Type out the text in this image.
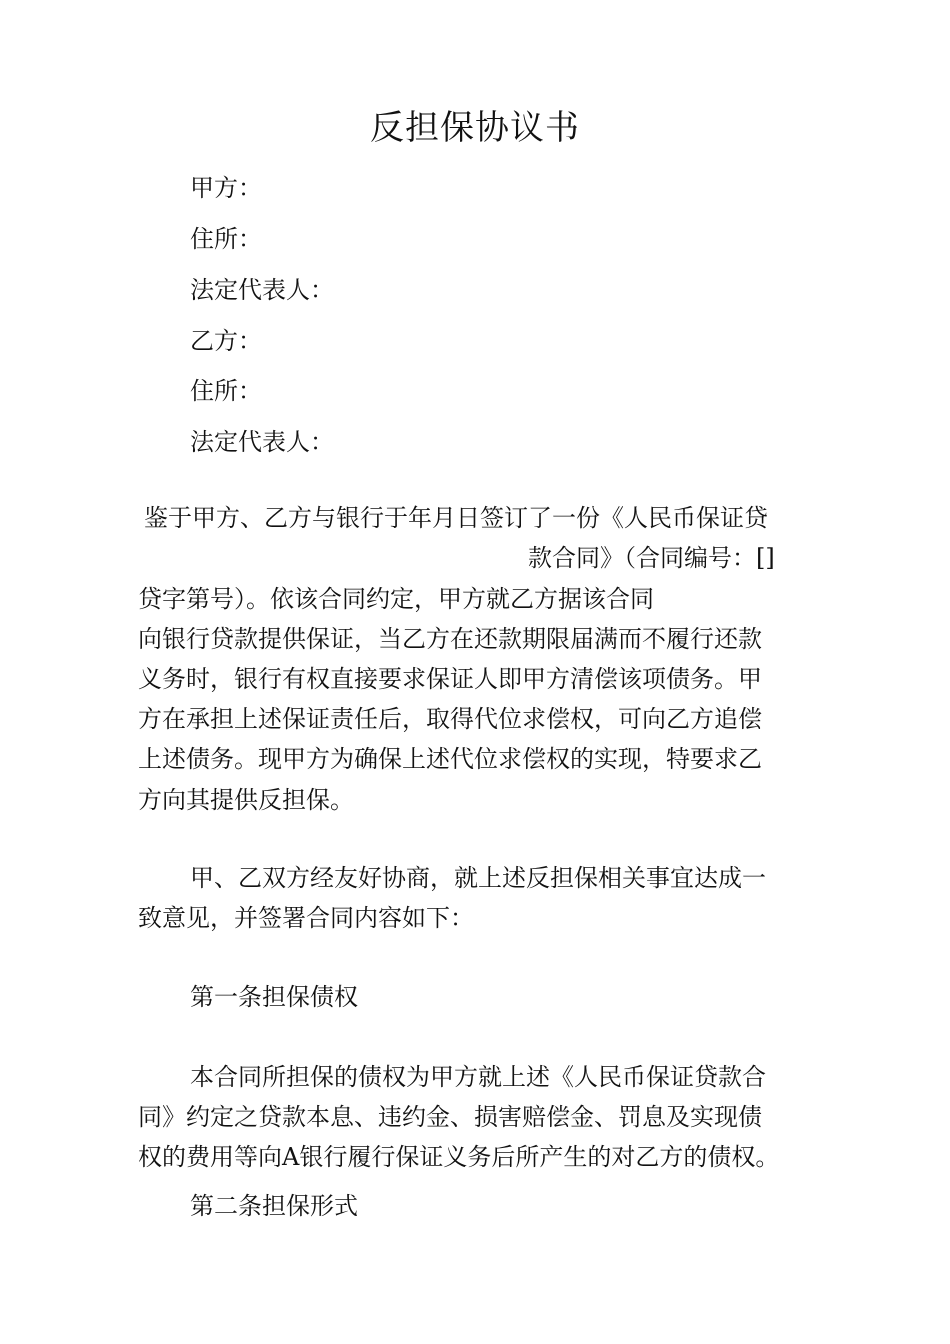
反担保协议书
甲方：
住所：
法定代表人：
乙方：
住所：
法定代表人：
鉴于甲方、乙方与银行于年月日签订了一份《人民币保证贷
款合同》（合同编号：[]
贷字第号）。依该合同约定，甲方就乙方据该合同
向银行贷款提供保证，当乙方在还款期限届满而不履行还款
义务时，银行有权直接要求保证人即甲方清偿该项债务。甲
方在承担上述保证责任后，取得代位求偿权，可向乙方追偿
上述债务。现甲方为确保上述代位求偿权的实现，特要求乙
方向其提供反担保。
甲、乙双方经友好协商，就上述反担保相关事宜达成一
致意见，并签署合同内容如下：
第一条担保债权
本合同所担保的债权为甲方就上述《人民币保证贷款合
同》约定之贷款本息、违约金、损害赔偿金、罚息及实现债
权的费用等向A银行履行保证义务后所产生的对乙方的债权。
第二条担保形式
